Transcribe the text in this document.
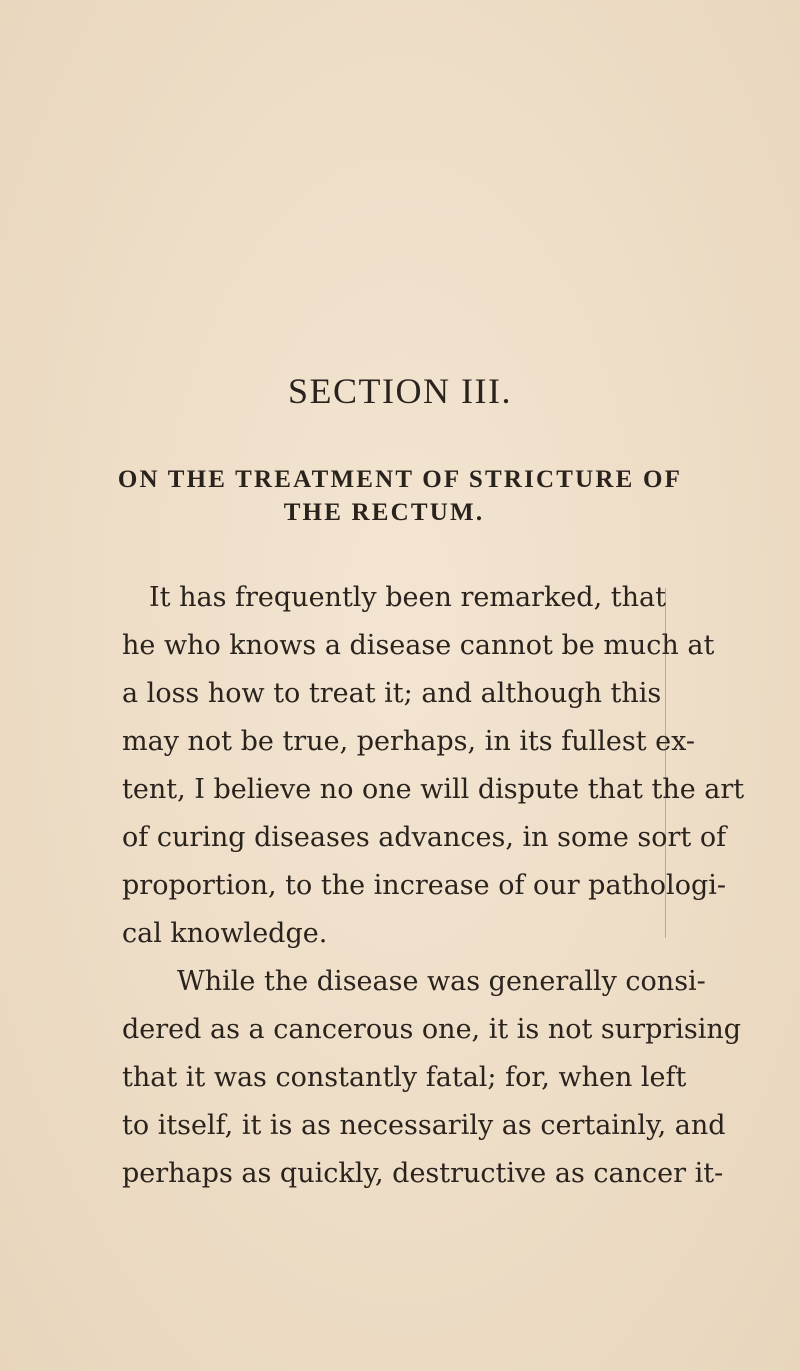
SECTION III.
ON THE TREATMENT OF STRICTURE OF
THE RECTUM.
It has frequently been remarked, that
he who knows a disease cannot be much at
a loss how to treat it; and although this
may not be true, perhaps, in its fullest ex-
tent, I believe no one will dispute that the art
of curing diseases advances, in some sort of
proportion, to the increase of our pathologi-
cal knowledge.
While the disease was generally consi-
dered as a cancerous one, it is not surprising
that it was constantly fatal; for, when left
to itself, it is as necessarily as certainly, and
perhaps as quickly, destructive as cancer it-
